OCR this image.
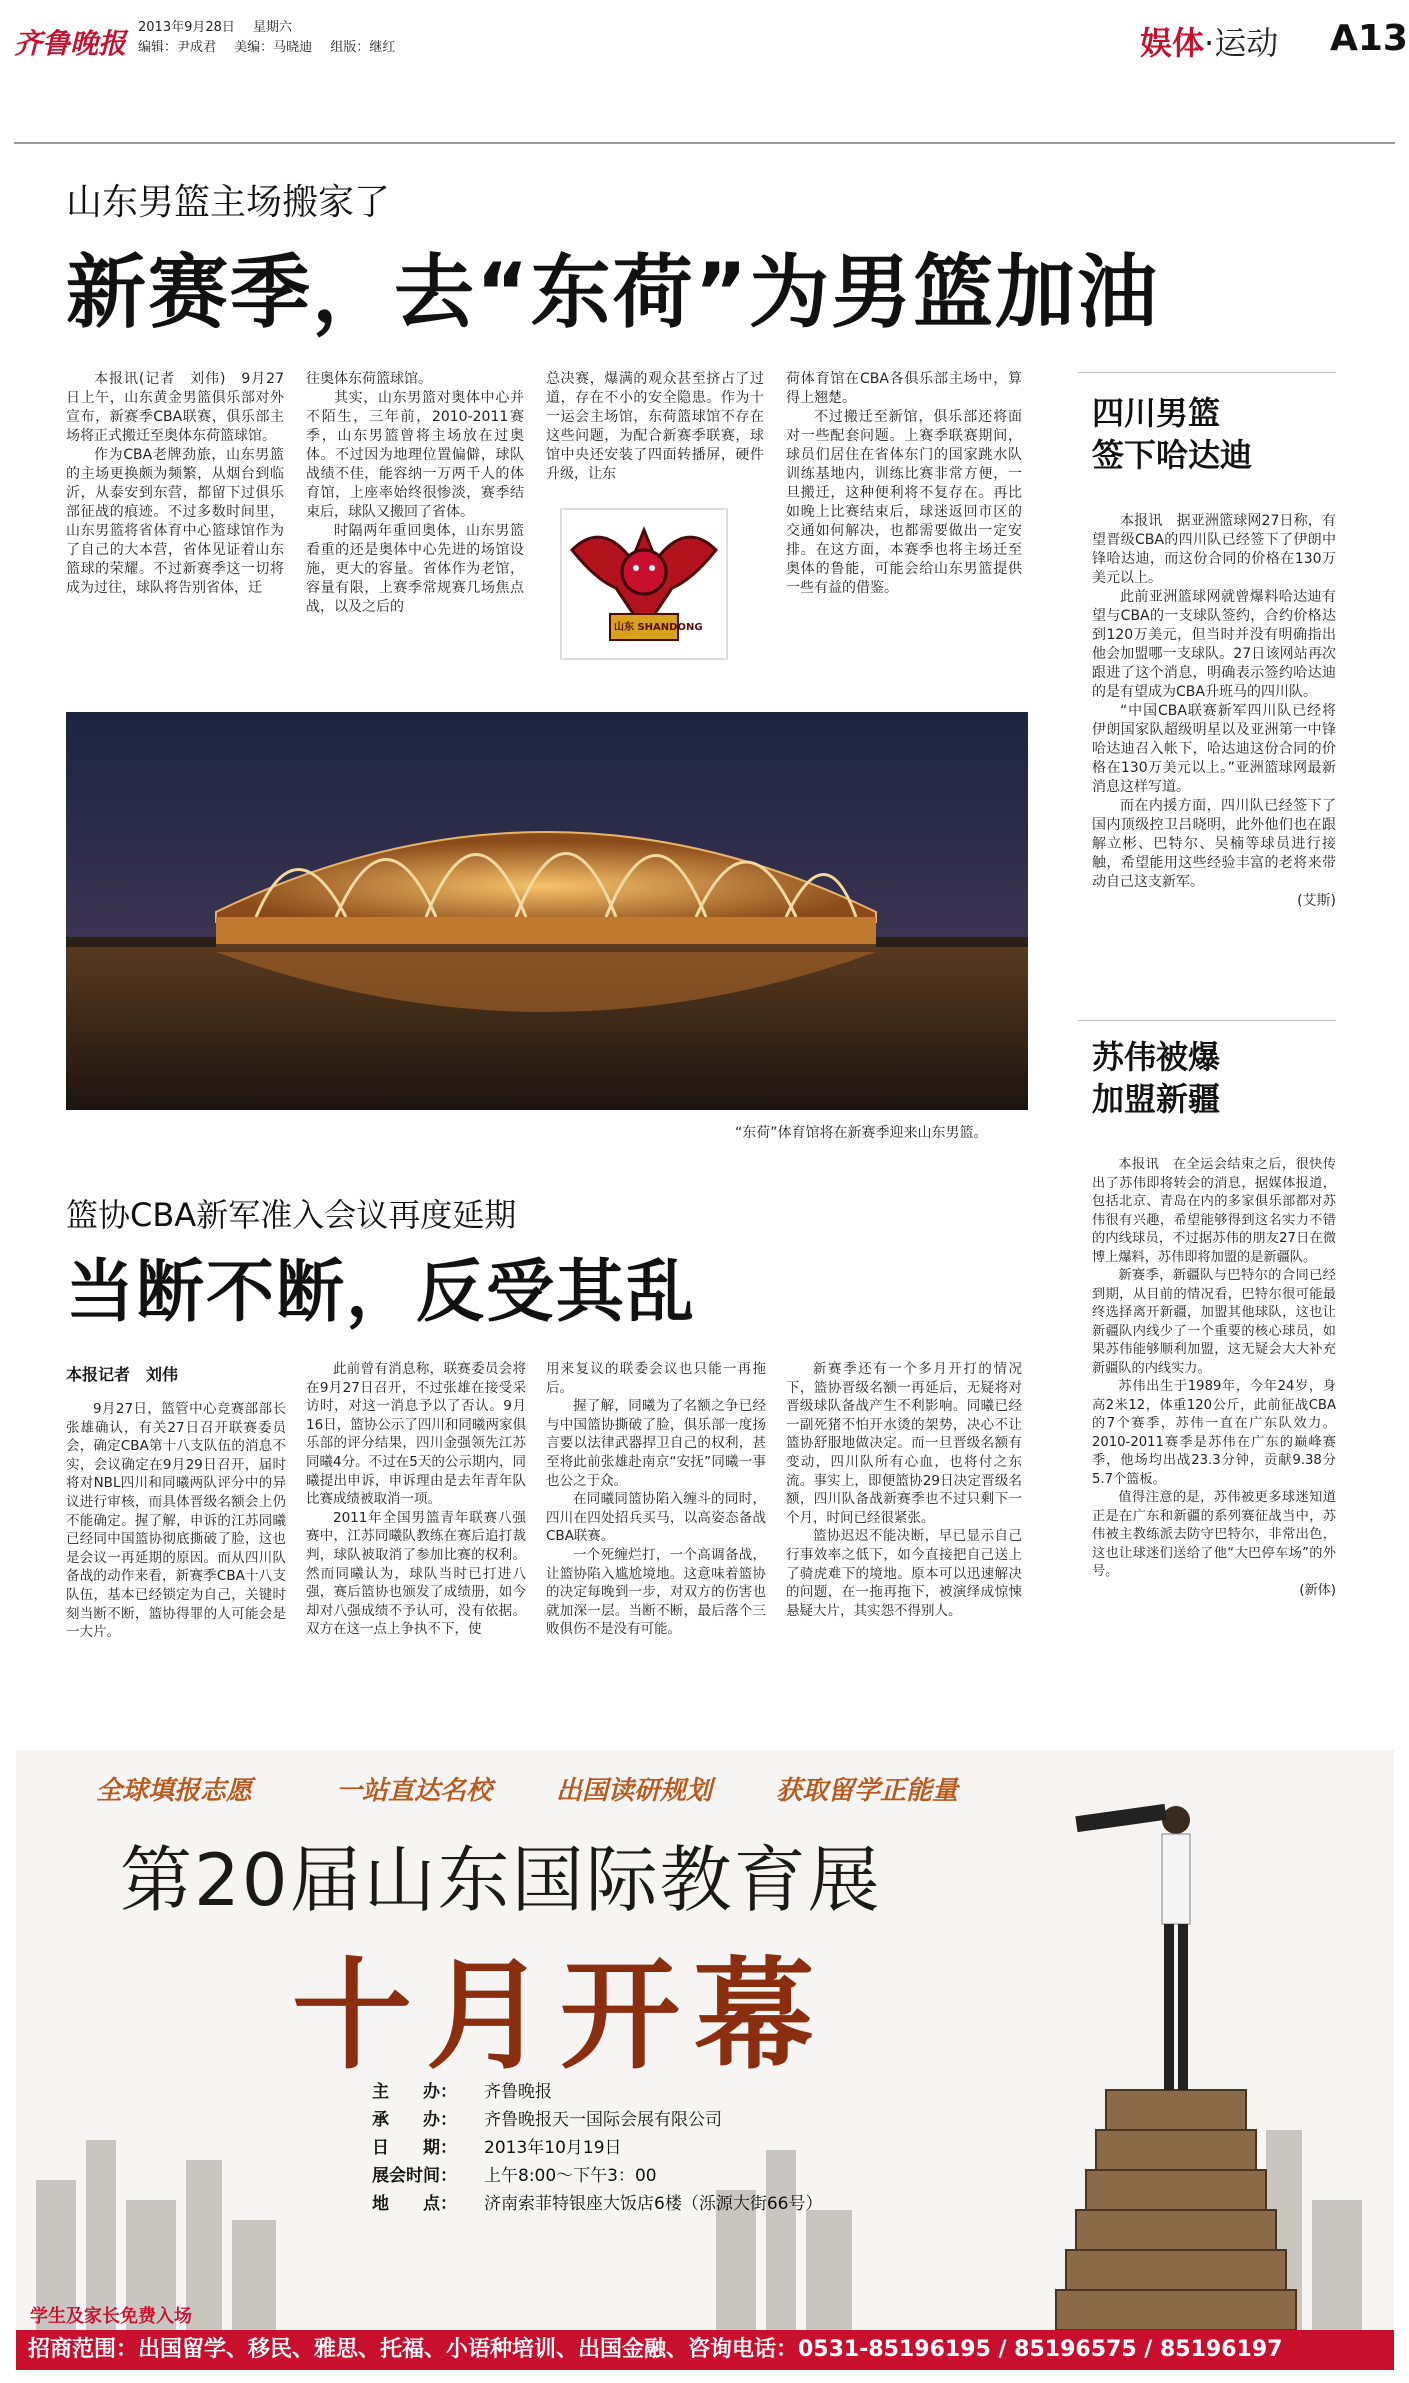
齐鲁晚报 2013年9月28日 星期六
编辑：尹成君 美编：马晓迪 组版：继红	娱体·运动 A13
山东男篮主场搬家了
新赛季，去“东荷”为男篮加油

本报讯(记者　刘伟)　9月27日上午，山东黄金男篮俱乐部对外宣布，新赛季CBA联赛，俱乐部主场将正式搬迁至奥体东荷篮球馆。

作为CBA老牌劲旅，山东男篮的主场更换颇为频繁，从烟台到临沂，从泰安到东营，都留下过俱乐部征战的痕迹。不过多数时间里，山东男篮将省体育中心篮球馆作为了自己的大本营，省体见证着山东篮球的荣耀。不过新赛季这一切将成为过往，球队将告别省体，迁

往奥体东荷篮球馆。

其实，山东男篮对奥体中心并不陌生，三年前，2010-2011赛季，山东男篮曾将主场放在过奥体。不过因为地理位置偏僻，球队战绩不佳，能容纳一万两千人的体育馆，上座率始终很惨淡，赛季结束后，球队又搬回了省体。

时隔两年重回奥体，山东男篮看重的还是奥体中心先进的场馆设施，更大的容量。省体作为老馆，容量有限，上赛季常规赛几场焦点战，以及之后的

总决赛，爆满的观众甚至挤占了过道，存在不小的安全隐患。作为十一运会主场馆，东荷篮球馆不存在这些问题，为配合新赛季联赛，球馆中央还安装了四面转播屏，硬件升级，让东

荷体育馆在CBA各俱乐部主场中，算得上翘楚。

不过搬迁至新馆，俱乐部还将面对一些配套问题。上赛季联赛期间，球员们居住在省体东门的国家跳水队训练基地内，训练比赛非常方便，一旦搬迁，这种便利将不复存在。再比如晚上比赛结束后，球迷返回市区的交通如何解决，也都需要做出一定安排。在这方面，本赛季也将主场迁至奥体的鲁能，可能会给山东男篮提供一些有益的借鉴。

山东 SHANDONG
“东荷”体育馆将在新赛季迎来山东男篮。
四川男篮
签下哈达迪

本报讯　据亚洲篮球网27日称，有望晋级CBA的四川队已经签下了伊朗中锋哈达迪，而这份合同的价格在130万美元以上。

此前亚洲篮球网就曾爆料哈达迪有望与CBA的一支球队签约，合约价格达到120万美元，但当时并没有明确指出他会加盟哪一支球队。27日该网站再次跟进了这个消息，明确表示签约哈达迪的是有望成为CBA升班马的四川队。

“中国CBA联赛新军四川队已经将伊朗国家队超级明星以及亚洲第一中锋哈达迪召入帐下，哈达迪这份合同的价格在130万美元以上。”亚洲篮球网最新消息这样写道。

而在内援方面，四川队已经签下了国内顶级控卫吕晓明，此外他们也在跟解立彬、巴特尔、吴楠等球员进行接触，希望能用这些经验丰富的老将来带动自己这支新军。

(艾斯)

苏伟被爆
加盟新疆

本报讯　在全运会结束之后，很快传出了苏伟即将转会的消息，据媒体报道，包括北京、青岛在内的多家俱乐部都对苏伟很有兴趣，希望能够得到这名实力不错的内线球员，不过据苏伟的朋友27日在微博上爆料，苏伟即将加盟的是新疆队。

新赛季，新疆队与巴特尔的合同已经到期，从目前的情况看，巴特尔很可能最终选择离开新疆，加盟其他球队，这也让新疆队内线少了一个重要的核心球员，如果苏伟能够顺利加盟，这无疑会大大补充新疆队的内线实力。

苏伟出生于1989年，今年24岁，身高2米12，体重120公斤，此前征战CBA的7个赛季，苏伟一直在广东队效力。2010-2011赛季是苏伟在广东的巅峰赛季，他场均出战23.3分钟，贡献9.38分5.7个篮板。

值得注意的是，苏伟被更多球迷知道正是在广东和新疆的系列赛征战当中，苏伟被主教练派去防守巴特尔，非常出色，这也让球迷们送给了他“大巴停车场”的外号。

(新体)

篮协CBA新军准入会议再度延期
当断不断，反受其乱
本报记者　刘伟

9月27日，篮管中心竞赛部部长张雄确认，有关27日召开联赛委员会，确定CBA第十八支队伍的消息不实，会议确定在9月29日召开，届时将对NBL四川和同曦两队评分中的异议进行审核，而具体晋级名额会上仍不能确定。握了解，申诉的江苏同曦已经同中国篮协彻底撕破了脸，这也是会议一再延期的原因。而从四川队备战的动作来看，新赛季CBA十八支队伍，基本已经锁定为自己，关键时刻当断不断，篮协得罪的人可能会是一大片。

此前曾有消息称，联赛委员会将在9月27日召开，不过张雄在接受采访时，对这一消息予以了否认。9月16日，篮协公示了四川和同曦两家俱乐部的评分结果，四川金强领先江苏同曦4分。不过在5天的公示期内，同曦提出申诉，申诉理由是去年青年队比赛成绩被取消一项。

2011年全国男篮青年联赛八强赛中，江苏同曦队教练在赛后追打裁判，球队被取消了参加比赛的权利。然而同曦认为，球队当时已打进八强，赛后篮协也颁发了成绩册，如今却对八强成绩不予认可，没有依据。双方在这一点上争执不下，使

用来复议的联委会议也只能一再拖后。

握了解，同曦为了名额之争已经与中国篮协撕破了脸，俱乐部一度扬言要以法律武器捍卫自己的权利，甚至将此前张雄赴南京“安抚”同曦一事也公之于众。

在同曦同篮协陷入缠斗的同时，四川在四处招兵买马，以高姿态备战CBA联赛。

一个死缠烂打，一个高调备战，让篮协陷入尴尬境地。这意味着篮协的决定每晚到一步，对双方的伤害也就加深一层。当断不断，最后落个三败俱伤不是没有可能。

新赛季还有一个多月开打的情况下，篮协晋级名额一再延后，无疑将对晋级球队备战产生不利影响。同曦已经一副死猪不怕开水烫的架势，决心不让篮协舒服地做决定。而一旦晋级名额有变动，四川队所有心血，也将付之东流。事实上，即便篮协29日决定晋级名额，四川队备战新赛季也不过只剩下一个月，时间已经很紧张。

篮协迟迟不能决断，早已显示自己行事效率之低下，如今直接把自己送上了骑虎难下的境地。原本可以迅速解决的问题，在一拖再拖下，被演绎成惊悚悬疑大片，其实怨不得别人。

全球填报志愿	一站直达名校 出国读研规划 获取留学正能量
第20届山东国际教育展
十月开幕
主　　办：	齐鲁晚报
承　　办：	齐鲁晚报天一国际会展有限公司
日　　期：	2013年10月19日
展会时间：	上午8:00～下午3：00
地　　点：	济南索菲特银座大饭店6楼（泺源大街66号）
学生及家长免费入场
招商范围：出国留学、移民、雅思、托福、小语种培训、出国金融、咨询电话：0531-85196195 / 85196575 / 85196197
